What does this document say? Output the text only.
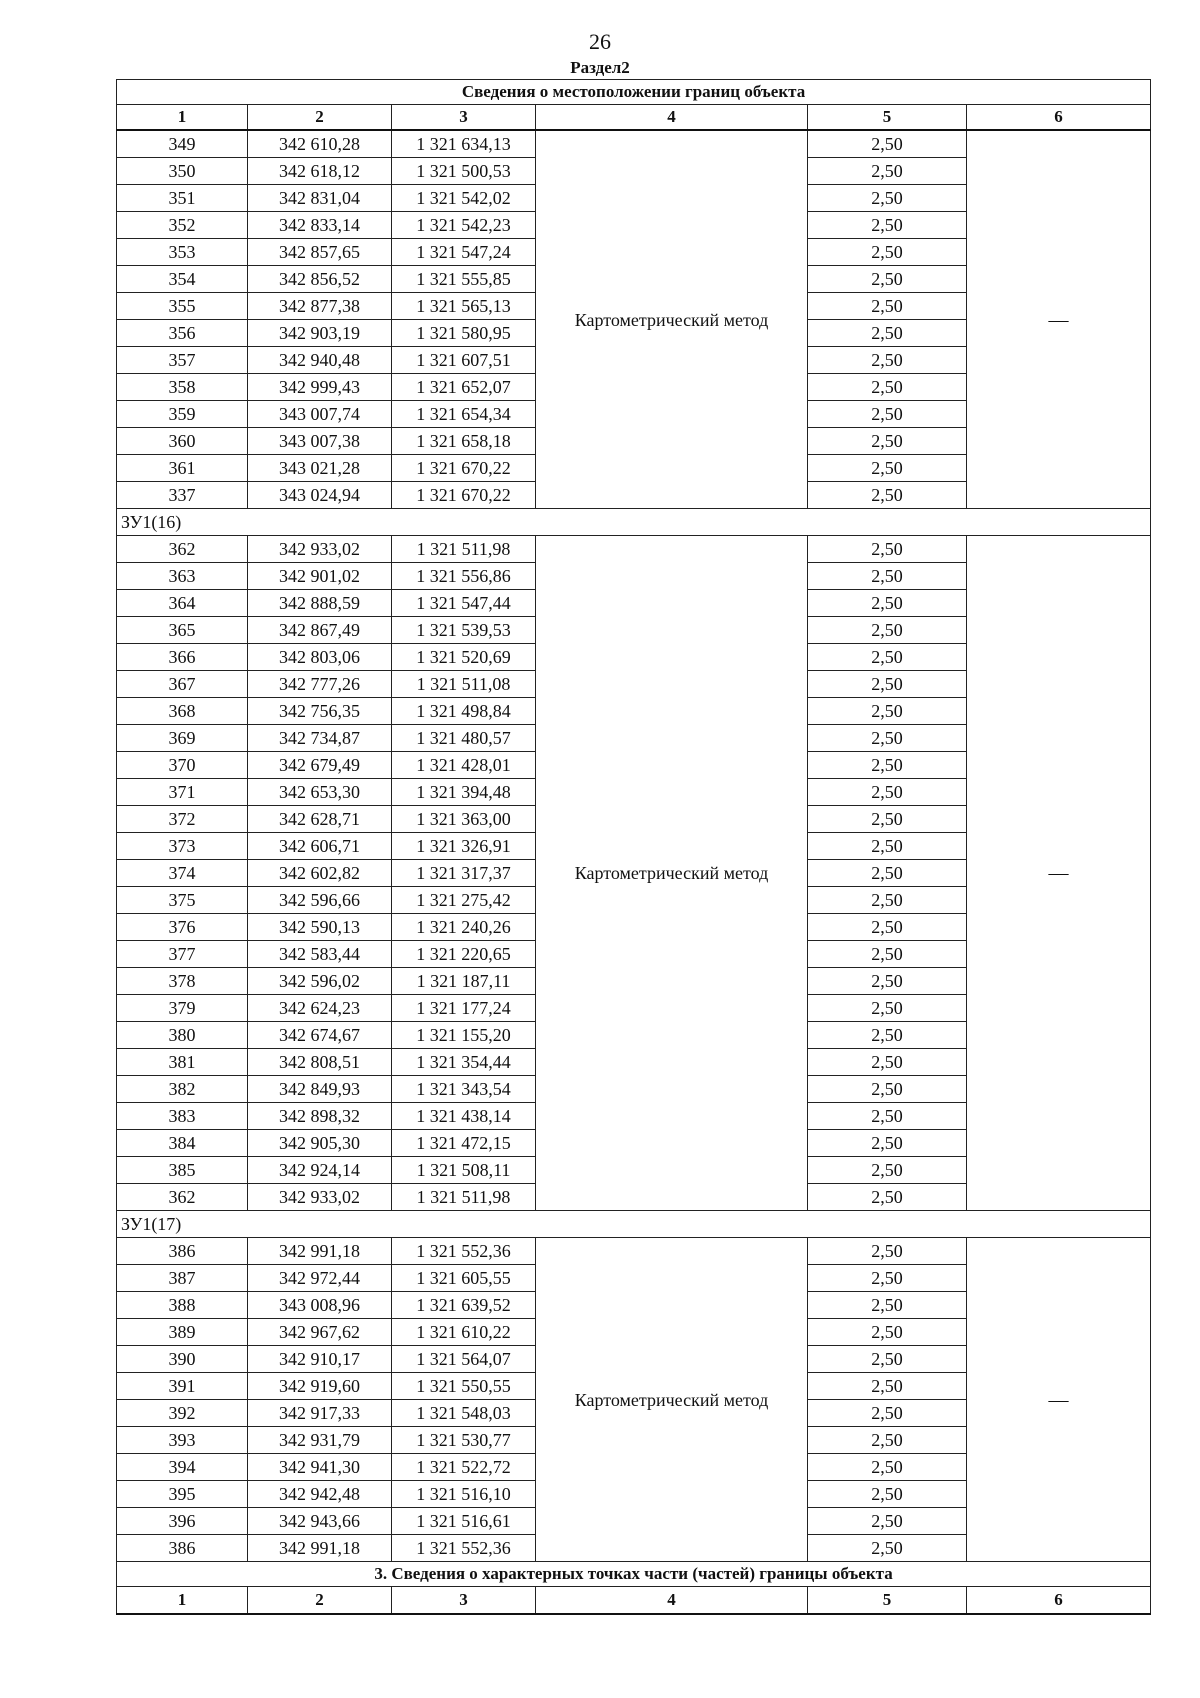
26
Раздел2
Сведения о местоположении границ объекта					
1	2	3	4	5	6
349	342 610,28	1 321 634,13	Картометрический метод	2,50	—
350	342 618,12	1 321 500,53		2,50	
351	342 831,04	1 321 542,02		2,50	
352	342 833,14	1 321 542,23		2,50	
353	342 857,65	1 321 547,24		2,50	
354	342 856,52	1 321 555,85		2,50	
355	342 877,38	1 321 565,13		2,50	
356	342 903,19	1 321 580,95		2,50	
357	342 940,48	1 321 607,51		2,50	
358	342 999,43	1 321 652,07		2,50	
359	343 007,74	1 321 654,34		2,50	
360	343 007,38	1 321 658,18		2,50	
361	343 021,28	1 321 670,22		2,50	
337	343 024,94	1 321 670,22		2,50	
ЗУ1(16)					
362	342 933,02	1 321 511,98	Картометрический метод	2,50	—
363	342 901,02	1 321 556,86		2,50	
364	342 888,59	1 321 547,44		2,50	
365	342 867,49	1 321 539,53		2,50	
366	342 803,06	1 321 520,69		2,50	
367	342 777,26	1 321 511,08		2,50	
368	342 756,35	1 321 498,84		2,50	
369	342 734,87	1 321 480,57		2,50	
370	342 679,49	1 321 428,01		2,50	
371	342 653,30	1 321 394,48		2,50	
372	342 628,71	1 321 363,00		2,50	
373	342 606,71	1 321 326,91		2,50	
374	342 602,82	1 321 317,37		2,50	
375	342 596,66	1 321 275,42		2,50	
376	342 590,13	1 321 240,26		2,50	
377	342 583,44	1 321 220,65		2,50	
378	342 596,02	1 321 187,11		2,50	
379	342 624,23	1 321 177,24		2,50	
380	342 674,67	1 321 155,20		2,50	
381	342 808,51	1 321 354,44		2,50	
382	342 849,93	1 321 343,54		2,50	
383	342 898,32	1 321 438,14		2,50	
384	342 905,30	1 321 472,15		2,50	
385	342 924,14	1 321 508,11		2,50	
362	342 933,02	1 321 511,98		2,50	
ЗУ1(17)					
386	342 991,18	1 321 552,36	Картометрический метод	2,50	—
387	342 972,44	1 321 605,55		2,50	
388	343 008,96	1 321 639,52		2,50	
389	342 967,62	1 321 610,22		2,50	
390	342 910,17	1 321 564,07		2,50	
391	342 919,60	1 321 550,55		2,50	
392	342 917,33	1 321 548,03		2,50	
393	342 931,79	1 321 530,77		2,50	
394	342 941,30	1 321 522,72		2,50	
395	342 942,48	1 321 516,10		2,50	
396	342 943,66	1 321 516,61		2,50	
386	342 991,18	1 321 552,36		2,50	
3. Сведения о характерных точках части (частей) границы объекта					
1	2	3	4	5	6
